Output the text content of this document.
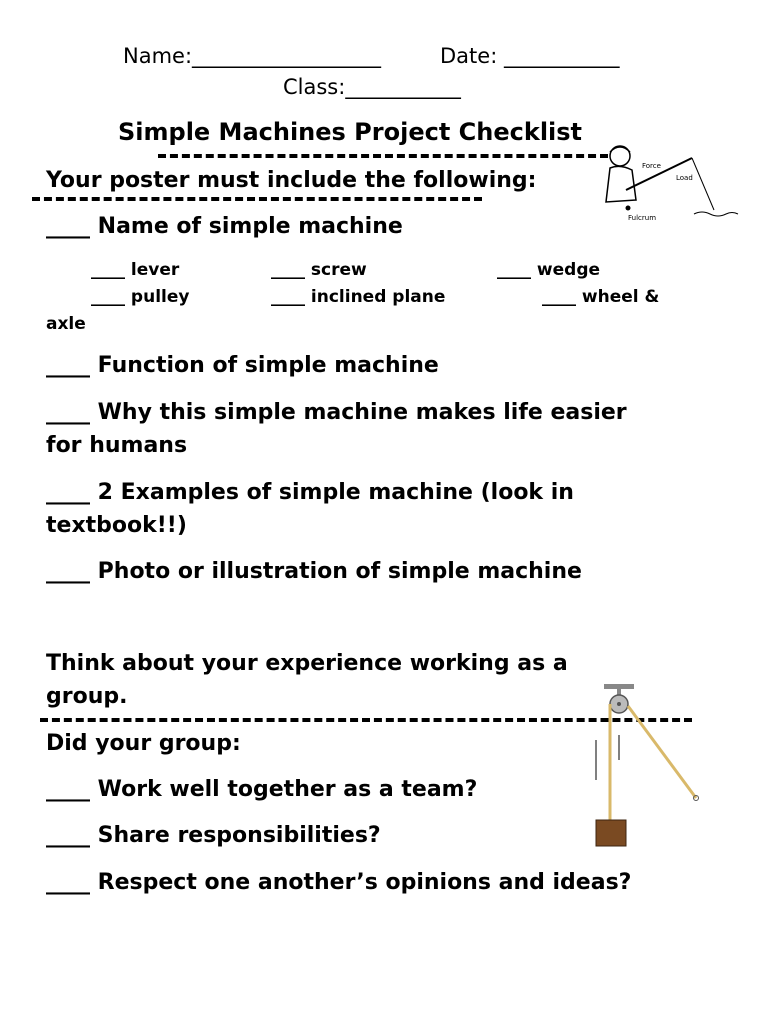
Name:__________________	Date: ___________
Class:___________
Simple Machines Project Checklist
Your poster must include the following:
Force
Load
Fulcrum
____ Name of simple machine
____ lever	____ screw	____ wedge
____ pulley	____ inclined plane	____ wheel &
axle
____ Function of simple machine
____ Why this simple machine makes life easier
for humans
____ 2 Examples of simple machine (look in
textbook!!)
____ Photo or illustration of simple machine
Think about your experience working as a
group.
Did your group:
____ Work well together as a team?
____ Share responsibilities?
____ Respect one another’s opinions and ideas?
